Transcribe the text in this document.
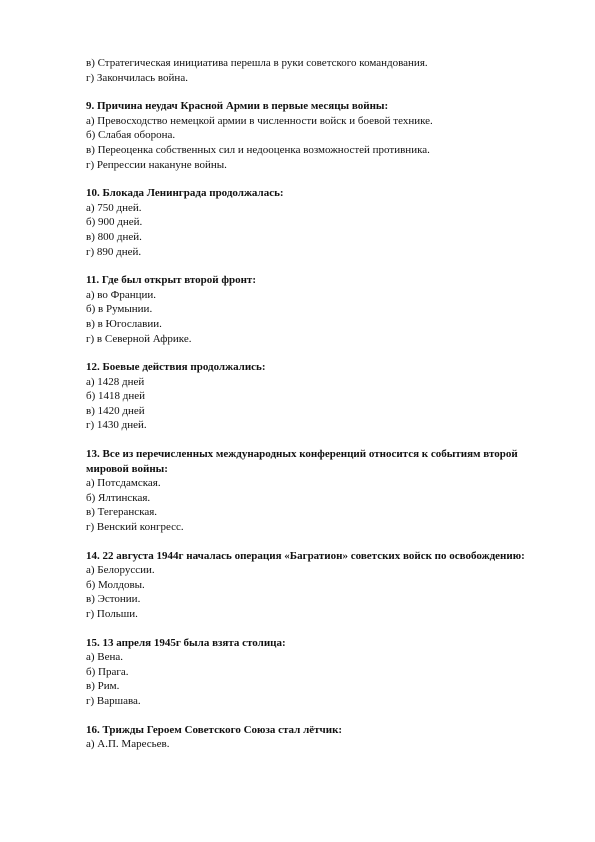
в) Стратегическая инициатива перешла в руки советского командования.
г) Закончилась война.
9. Причина неудач Красной Армии в первые месяцы войны:
а) Превосходство немецкой армии в численности войск и боевой технике.
б) Слабая оборона.
в) Переоценка собственных сил и недооценка возможностей противника.
г) Репрессии накануне войны.
10. Блокада Ленинграда продолжалась:
а) 750 дней.
б) 900 дней.
в) 800 дней.
г) 890 дней.
11. Где был открыт второй фронт:
а) во Франции.
б) в Румынии.
в) в Югославии.
г) в Северной Африке.
12. Боевые действия продолжались:
а) 1428 дней
б) 1418 дней
в) 1420 дней
г) 1430 дней.
13. Все из перечисленных международных конференций относится к событиям второй мировой войны:
а) Потсдамская.
б) Ялтинская.
в) Тегеранская.
г) Венский конгресс.
14. 22 августа 1944г началась операция «Багратион» советских войск по освобождению:
а) Белоруссии.
б) Молдовы.
в) Эстонии.
г) Польши.
15. 13 апреля 1945г была взята столица:
а) Вена.
б) Прага.
в) Рим.
г) Варшава.
16. Трижды Героем Советского Союза стал лётчик:
а) А.П. Маресьев.
